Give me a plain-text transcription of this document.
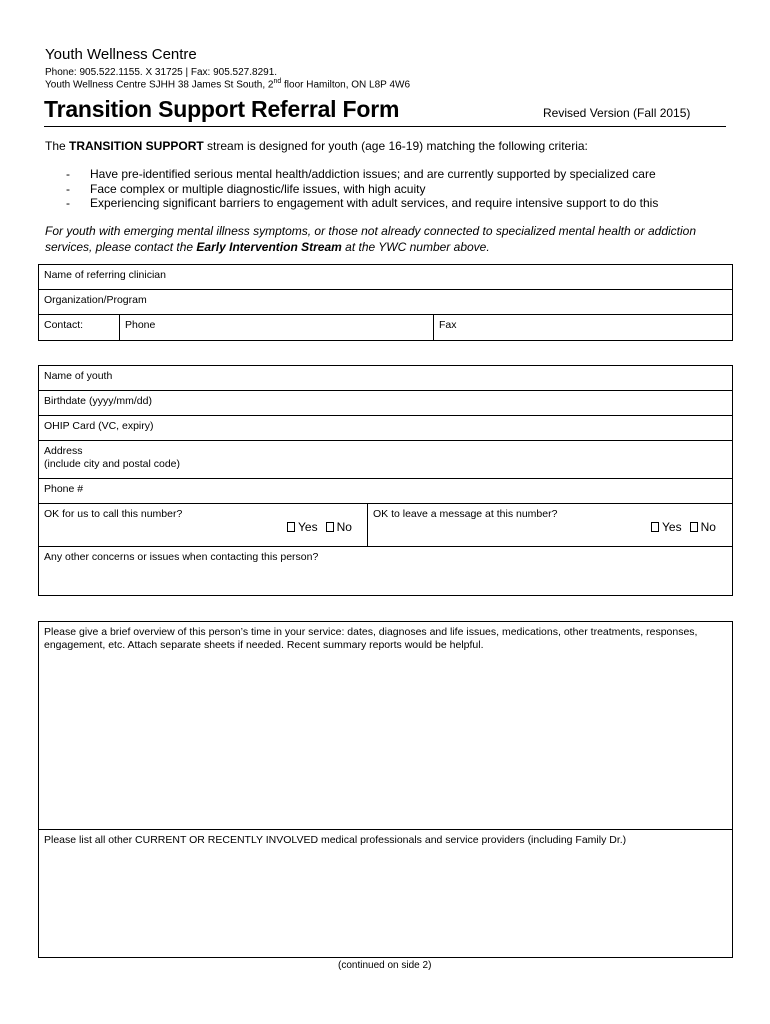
Youth Wellness Centre
Phone: 905.522.1155. X 31725 | Fax: 905.527.8291.
Youth Wellness Centre SJHH 38 James St South, 2nd floor Hamilton, ON L8P 4W6
Transition Support Referral Form	Revised Version (Fall 2015)
The TRANSITION SUPPORT stream is designed for youth (age 16-19) matching the following criteria:
- Have pre-identified serious mental health/addiction issues; and are currently supported by specialized care
- Face complex or multiple diagnostic/life issues, with high acuity
- Experiencing significant barriers to engagement with adult services, and require intensive support to do this
For youth with emerging mental illness symptoms, or those not already connected to specialized mental health or addiction services, please contact the Early Intervention Stream at the YWC number above.
Name of referring clinician
Organization/Program
Contact:	Phone	Fax
Name of youth
Birthdate (yyyy/mm/dd)
OHIP Card (VC, expiry)
Address
(include city and postal code)
Phone #
OK for us to call this number?
Yes No
OK to leave a message at this number?
Yes No
Any other concerns or issues when contacting this person?
Please give a brief overview of this person’s time in your service: dates, diagnoses and life issues, medications, other treatments, responses, engagement, etc. Attach separate sheets if needed. Recent summary reports would be helpful.
Please list all other CURRENT OR RECENTLY INVOLVED medical professionals and service providers (including Family Dr.)
(continued on side 2)
